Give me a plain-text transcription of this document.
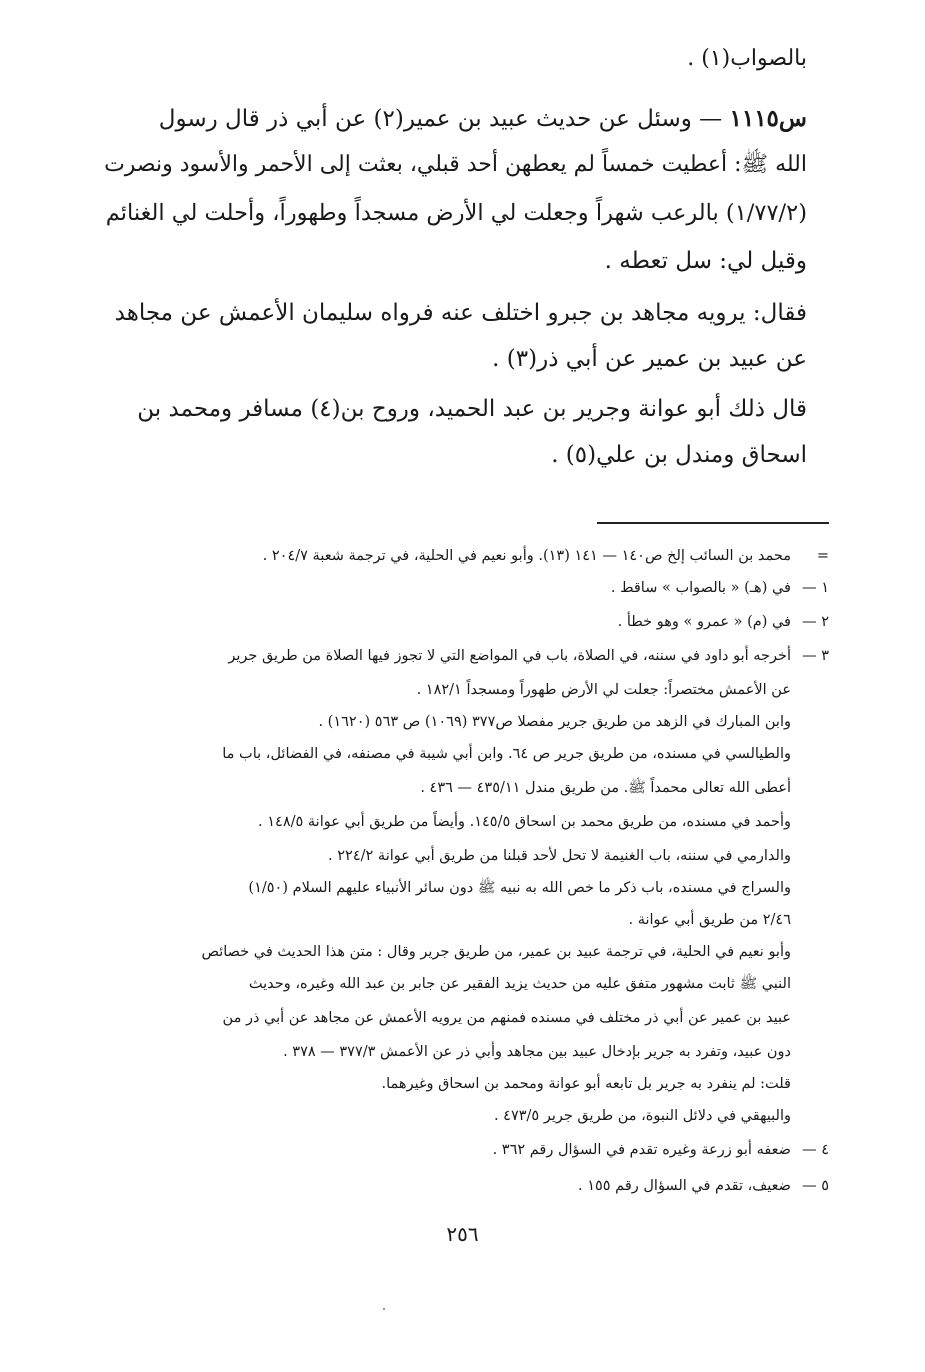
بالصواب(١) .
س١١١٥ — وسئل عن حديث عبيد بن عمير(٢) عن أبي ذر قال رسول
الله ﷺ: أعطيت خمساً لم يعطهن أحد قبلي، بعثت إلى الأحمر والأسود ونصرت
(١/٧٧/٢) بالرعب شهراً وجعلت لي الأرض مسجداً وطهوراً، وأحلت لي الغنائم
وقيل لي: سل تعطه .
فقال: يرويه مجاهد بن جبرو اختلف عنه فرواه سليمان الأعمش عن مجاهد
عن عبيد بن عمير عن أبي ذر(٣) .
قال ذلك أبو عوانة وجرير بن عبد الحميد، وروح بن(٤) مسافر ومحمد بن
اسحاق ومندل بن علي(٥) .
=محمد بن السائب إلخ ص١٤٠ — ١٤١ (١٣). وأبو نعيم في الحلية، في ترجمة شعبة ٢٠٤/٧ .
١ —في (هـ) « بالصواب » ساقط .
٢ —في (م) « عمرو » وهو خطأ .
٣ —أخرجه أبو داود في سننه، في الصلاة، باب في المواضع التي لا تجوز فيها الصلاة من طريق جرير
عن الأعمش مختصراً: جعلت لي الأرض طهوراً ومسجداً ١٨٢/١ .
وابن المبارك في الزهد من طريق جرير مفصلا ص٣٧٧ (١٠٦٩) ص ٥٦٣ (١٦٢٠) .
والطيالسي في مسنده، من طريق جرير ص ٦٤. وابن أبي شيبة في مصنفه، في الفضائل، باب ما
أعطى الله تعالى محمداً ﷺ. من طريق مندل ٤٣٥/١١ — ٤٣٦ .
وأحمد في مسنده، من طريق محمد بن اسحاق ١٤٥/٥. وأيضاً من طريق أبي عوانة ١٤٨/٥ .
والدارمي في سننه، باب الغنيمة لا تحل لأحد قبلنا من طريق أبي عوانة ٢٢٤/٢ .
والسراج في مسنده، باب ذكر ما خص الله به نبيه ﷺ دون سائر الأنبياء عليهم السلام (١/٥٠)
٢/٤٦ من طريق أبي عوانة .
وأبو نعيم في الحلية، في ترجمة عبيد بن عمير، من طريق جرير وقال : متن هذا الحديث في خصائص
النبي ﷺ ثابت مشهور متفق عليه من حديث يزيد الفقير عن جابر بن عبد الله وغيره، وحديث
عبيد بن عمير عن أبي ذر مختلف في مسنده فمنهم من يرويه الأعمش عن مجاهد عن أبي ذر من
دون عبيد، وتفرد به جرير بإدخال عبيد بين مجاهد وأبي ذر عن الأعمش ٣٧٧/٣ — ٣٧٨ .
قلت: لم ينفرد به جرير بل تابعه أبو عوانة ومحمد بن اسحاق وغيرهما.
والبيهقي في دلائل النبوة، من طريق جرير ٤٧٣/٥ .
٤ —ضعفه أبو زرعة وغيره تقدم في السؤال رقم ٣٦٢ .
٥ —ضعيف، تقدم في السؤال رقم ١٥٥ .
٢٥٦
